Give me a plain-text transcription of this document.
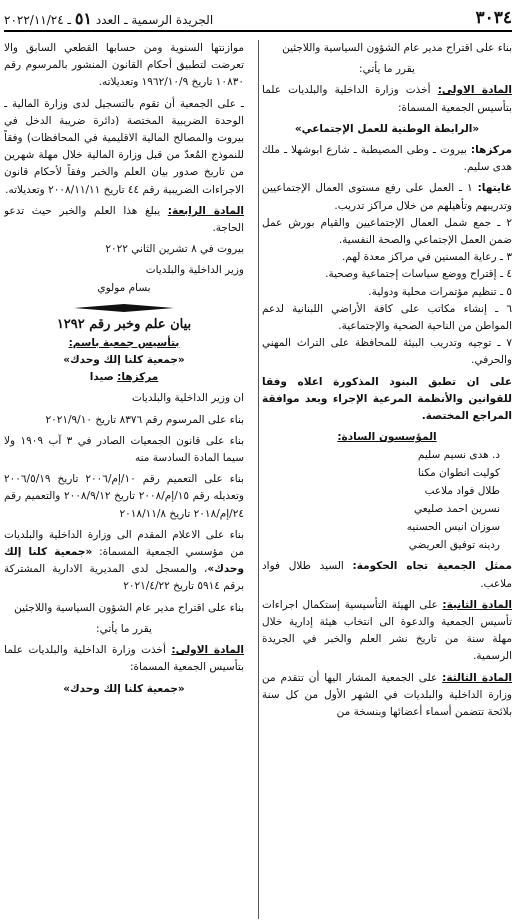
الجريدة الرسمية ـ العدد ٥١ ـ ٢٠٢٢/١١/٢٤	٣٠٣٤

بناء على اقتراح مدير عام الشؤون السياسية واللاجئين

يقرر ما يأتي:

المادة الاولى: أخذت وزارة الداخلية والبلديات علما بتأسيس الجمعية المسماة:

«الرابطة الوطنية للعمل الإجتماعي»

مركزها: بيروت ـ وطى المصيطبة ـ شارع ابوشهلا ـ ملك هدى سليم.

غايتها: ١ ـ العمل على رفع مستوى العمال الإجتماعيين وتدريبهم وتأهيلهم من خلال مراكز تدريب.

٢ ـ جمع شمل العمال الإجتماعيين والقيام بورش عمل ضمن العمل الإجتماعي والصحة النفسية.

٣ ـ رعاية المسنين في مراكز معدة لهم.

٤ ـ إقتراح ووضع سياسات إجتماعية وصحية.

٥ ـ تنظيم مؤتمرات محلية ودولية.

٦ ـ إنشاء مكاتب على كافة الأراضي اللبنانية لدعم المواطن من الناحية الصحية والإجتماعية.

٧ ـ توجيه وتدريب البيئة للمحافظة على التراث المهني والحرفي.

على ان تطبق البنود المذكورة اعلاه وفقا للقوانين والأنظمة المرعية الإجراء وبعد موافقة المراجع المختصة.

المؤسسون السادة:

د. هدى نسيم سليم

كوليت انطوان مكنا

طلال فواد ملاعب

نسرين احمد صليعي

سوزان انيس الحسنيه

ردينه توفيق العريضي

ممثل الجمعية تجاه الحكومة: السيد طلال فواد ملاعب.

المادة الثانية: على الهيئة التأسيسية إستكمال اجراءات تأسيس الجمعية والدعوة الى انتخاب هيئة إدارية خلال مهلة سنة من تاريخ نشر العلم والخبر في الجريدة الرسمية.

المادة الثالثة: على الجمعية المشار اليها أن تتقدم من وزارة الداخلية والبلديات في الشهر الأول من كل سنة بلائحة تتضمن أسماء أعضائها وبنسخة من

موازنتها السنوية ومن حسابها القطعي السابق والا تعرضت لتطبيق أحكام القانون المنشور بالمرسوم رقم ١٠٨٣٠ تاريخ ١٩٦٢/١٠/٩ وتعديلاته.

ـ على الجمعية أن تقوم بالتسجيل لدى وزارة المالية ـ الوحدة الضريبية المختصة (دائرة ضريبة الدخل في بيروت والمصالح المالية الاقليمية في المحافظات) وفقاً للنموذج المُعدّ من قبل وزارة المالية خلال مهلة شهرين من تاريخ صدور بيان العلم والخبر وفقاً لأحكام قانون الاجراءات الضريبية رقم ٤٤ تاريخ ٢٠٠٨/١١/١١ وتعديلاته.

المادة الرابعة: يبلغ هذا العلم والخبر حيث تدعو الحاجة.

بيروت في ٨ تشرين الثاني ٢٠٢٢

وزير الداخلية والبلديات

بسام مولوي

بيان علم وخبر رقم ١٢٩٢

بتأسيس جمعية باسم:

«جمعية كلنا إلك وحدك»

مركزها: صيدا

ان وزير الداخلية والبلديات

بناء على المرسوم رقم ٨٣٧٦ تاريخ ٢٠٢١/٩/١٠

بناء على قانون الجمعيات الصادر في ٣ آب ١٩٠٩ ولا سيما المادة السادسة منه

بناء على التعميم رقم ١٠/إم/٢٠٠٦ تاريخ ٢٠٠٦/٥/١٩ وتعديله رقم ١٥/إم/٢٠٠٨ تاريخ ٢٠٠٨/٩/١٢ والتعميم رقم ٢٤/إم/٢٠١٨ تاريخ ٢٠١٨/١١/٨

بناء على الاعلام المقدم الى وزارة الداخلية والبلديات من مؤسسي الجمعية المسماة: «جمعية كلنا إلك وحدك»، والمسجل لدى المديرية الادارية المشتركة برقم ٥٩١٤ تاريخ ٢٠٢١/٤/٢٢

بناء على اقتراح مدير عام الشؤون السياسية واللاجئين

يقرر ما يأتي:

المادة الاولى: أخذت وزارة الداخلية والبلديات علما بتأسيس الجمعية المسماة:

«جمعية كلنا إلك وحدك»
